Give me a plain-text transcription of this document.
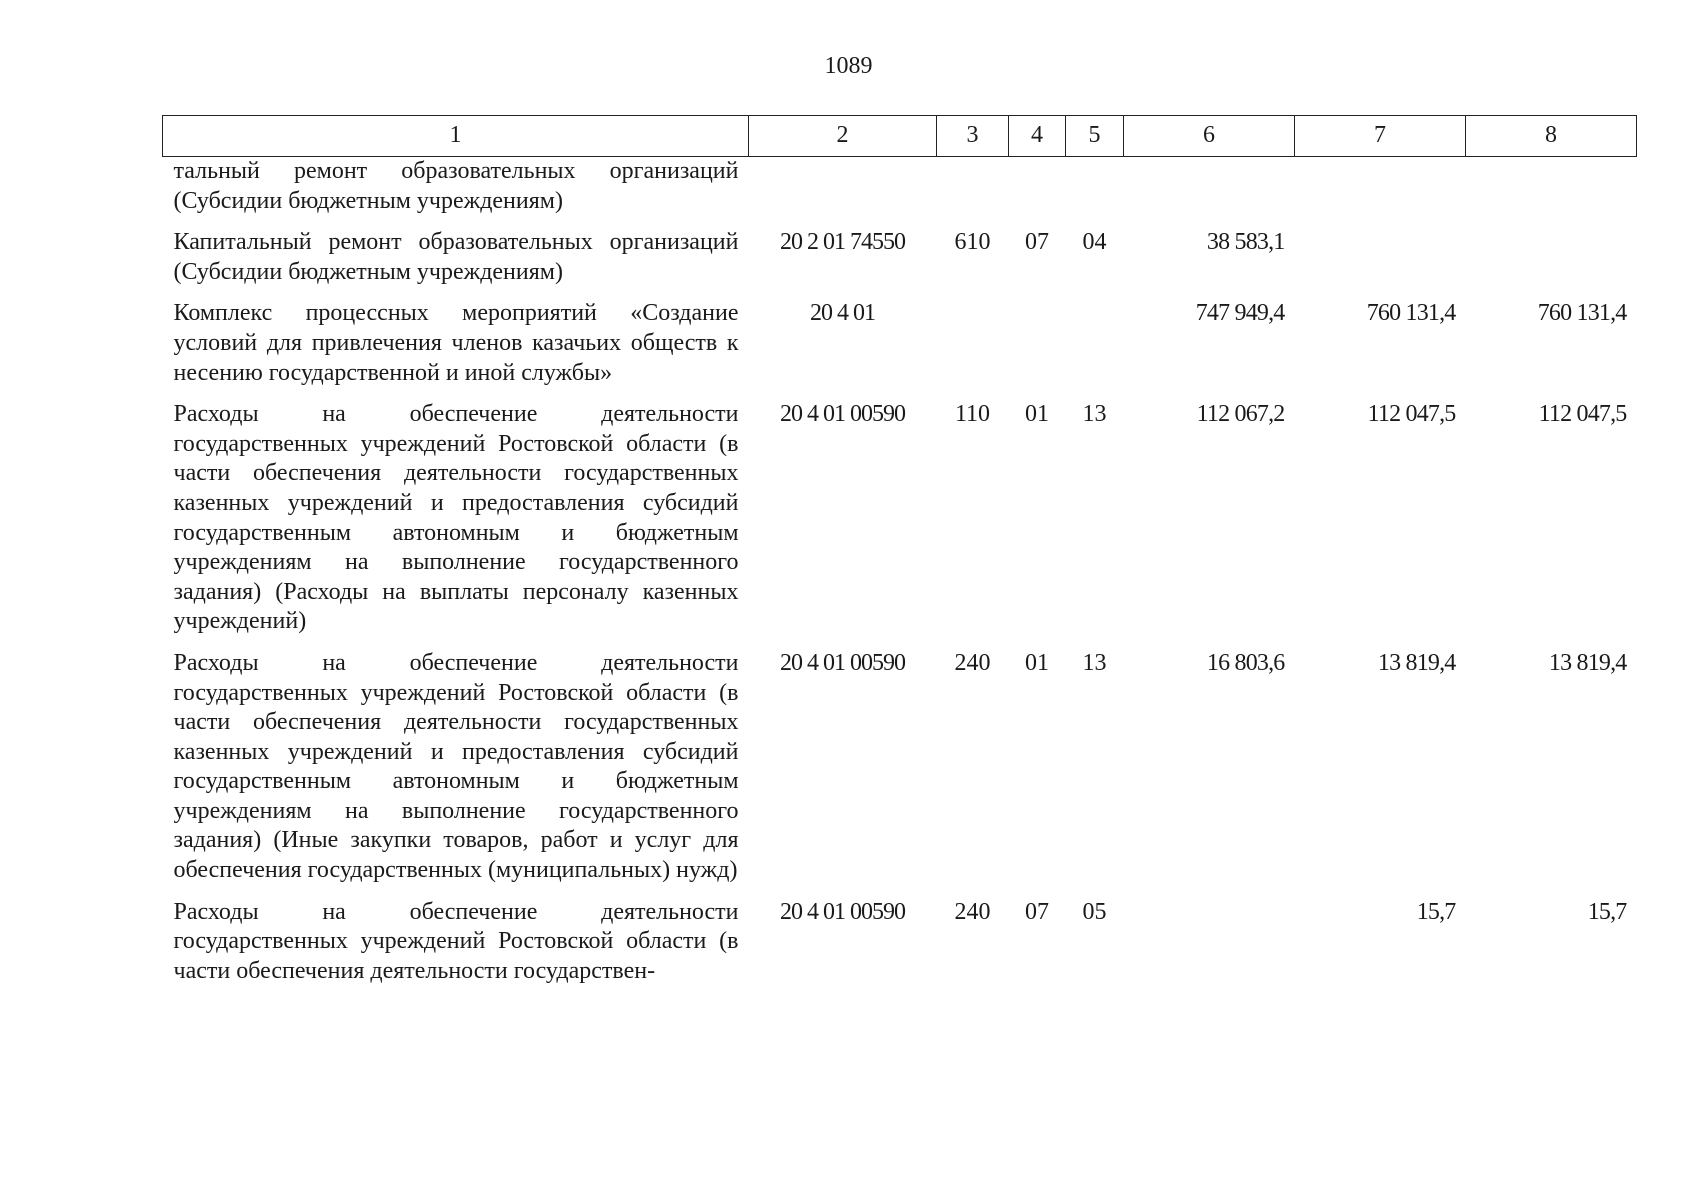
1089
1	2	3	4	5	6	7	8
тальный ремонт образовательных организаций (Субсидии бюджетным учреждениям)							
Капитальный ремонт образовательных организаций (Субсидии бюджетным учреждениям)	20 2 01 74550	610	07	04	38 583,1		
Комплекс процессных мероприятий «Создание условий для привлечения членов казачьих обществ к несению государственной и иной службы»	20 4 01				747 949,4	760 131,4	760 131,4
Расходы на обеспечение деятельности государственных учреждений Ростовской области (в части обеспечения деятельности государственных казенных учреждений и предоставления субсидий государственным автономным и бюджетным учреждениям на выполнение государственного задания) (Расходы на выплаты персоналу казенных учреждений)	20 4 01 00590	110	01	13	112 067,2	112 047,5	112 047,5
Расходы на обеспечение деятельности государственных учреждений Ростовской области (в части обеспечения деятельности государственных казенных учреждений и предоставления субсидий государственным автономным и бюджетным учреждениям на выполнение государственного задания) (Иные закупки товаров, работ и услуг для обеспечения государственных (муниципальных) нужд)	20 4 01 00590	240	01	13	16 803,6	13 819,4	13 819,4
Расходы на обеспечение деятельности государственных учреждений Ростовской области (в части обеспечения деятельности государствен-	20 4 01 00590	240	07	05		15,7	15,7
